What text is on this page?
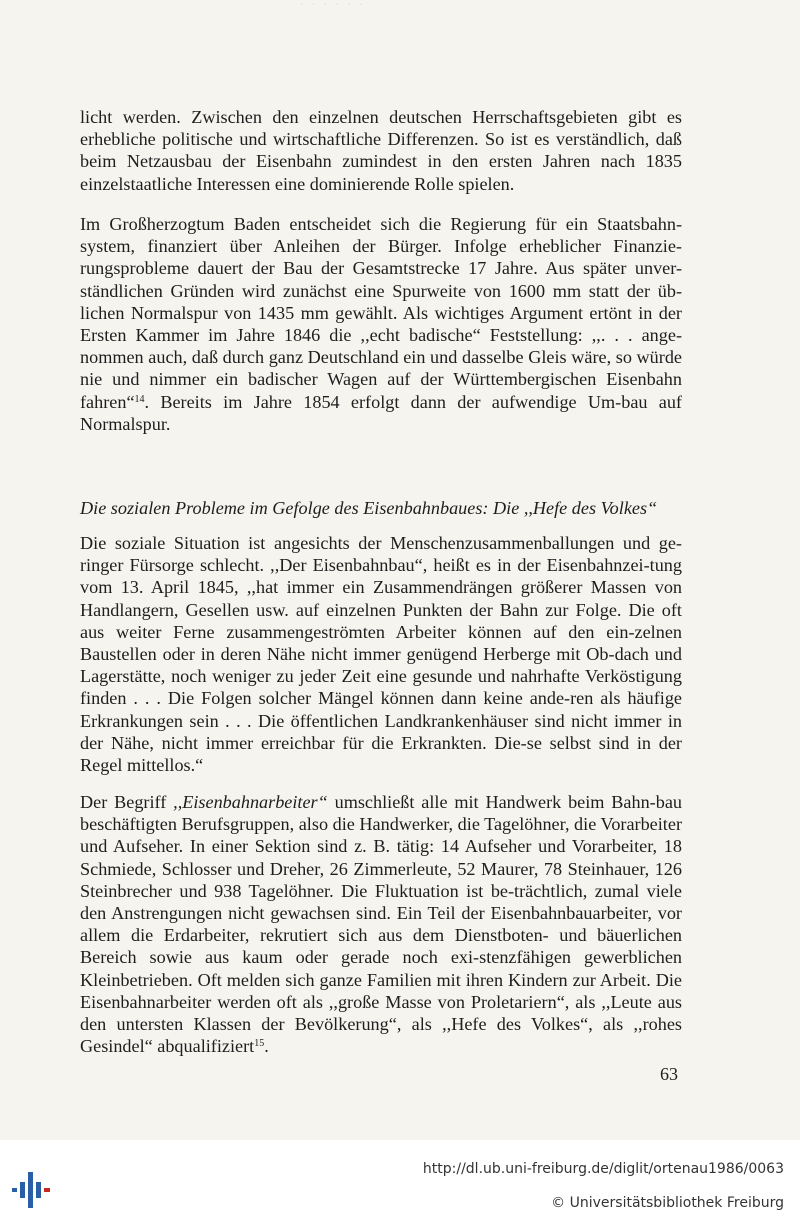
· · · · · ·

licht werden. Zwischen den einzelnen deutschen Herrschaftsgebieten gibt es erhebliche politische und wirtschaftliche Differenzen. So ist es verständlich, daß beim Netzausbau der Eisenbahn zumindest in den ersten Jahren nach 1835 einzelstaatliche Interessen eine dominierende Rolle spielen.

Im Großherzogtum Baden entscheidet sich die Regierung für ein Staatsbahn-system, finanziert über Anleihen der Bürger. Infolge erheblicher Finanzie-rungsprobleme dauert der Bau der Gesamtstrecke 17 Jahre. Aus später unver-ständlichen Gründen wird zunächst eine Spurweite von 1600 mm statt der üb-lichen Normalspur von 1435 mm gewählt. Als wichtiges Argument ertönt in der Ersten Kammer im Jahre 1846 die ,,echt badische“ Feststellung: ,,. . . ange-nommen auch, daß durch ganz Deutschland ein und dasselbe Gleis wäre, so würde nie und nimmer ein badischer Wagen auf der Württembergischen Eisenbahn fahren“$^{14}$. Bereits im Jahre 1854 erfolgt dann der aufwendige Um-bau auf Normalspur.

Die sozialen Probleme im Gefolge des Eisenbahnbaues: Die ,,Hefe des Volkes“

Die soziale Situation ist angesichts der Menschenzusammenballungen und ge-ringer Fürsorge schlecht. ,,Der Eisenbahnbau“, heißt es in der Eisenbahnzei-tung vom 13. April 1845, ,,hat immer ein Zusammendrängen größerer Massen von Handlangern, Gesellen usw. auf einzelnen Punkten der Bahn zur Folge. Die oft aus weiter Ferne zusammengeströmten Arbeiter können auf den ein-zelnen Baustellen oder in deren Nähe nicht immer genügend Herberge mit Ob-dach und Lagerstätte, noch weniger zu jeder Zeit eine gesunde und nahrhafte Verköstigung finden . . . Die Folgen solcher Mängel können dann keine ande-ren als häufige Erkrankungen sein . . . Die öffentlichen Landkrankenhäuser sind nicht immer in der Nähe, nicht immer erreichbar für die Erkrankten. Die-se selbst sind in der Regel mittellos.“

Der Begriff ,,Eisenbahnarbeiter“ umschließt alle mit Handwerk beim Bahn-bau beschäftigten Berufsgruppen, also die Handwerker, die Tagelöhner, die Vorarbeiter und Aufseher. In einer Sektion sind z. B. tätig: 14 Aufseher und Vorarbeiter, 18 Schmiede, Schlosser und Dreher, 26 Zimmerleute, 52 Maurer, 78 Steinhauer, 126 Steinbrecher und 938 Tagelöhner. Die Fluktuation ist be-trächtlich, zumal viele den Anstrengungen nicht gewachsen sind. Ein Teil der Eisenbahnbauarbeiter, vor allem die Erdarbeiter, rekrutiert sich aus dem Dienstboten- und bäuerlichen Bereich sowie aus kaum oder gerade noch exi-stenzfähigen gewerblichen Kleinbetrieben. Oft melden sich ganze Familien mit ihren Kindern zur Arbeit. Die Eisenbahnarbeiter werden oft als ,,große Masse von Proletariern“, als ,,Leute aus den untersten Klassen der Bevölkerung“, als ,,Hefe des Volkes“, als ,,rohes Gesindel“ abqualifiziert$^{15}$.

63
http://dl.ub.uni-freiburg.de/diglit/ortenau1986/0063
© Universitätsbibliothek Freiburg
